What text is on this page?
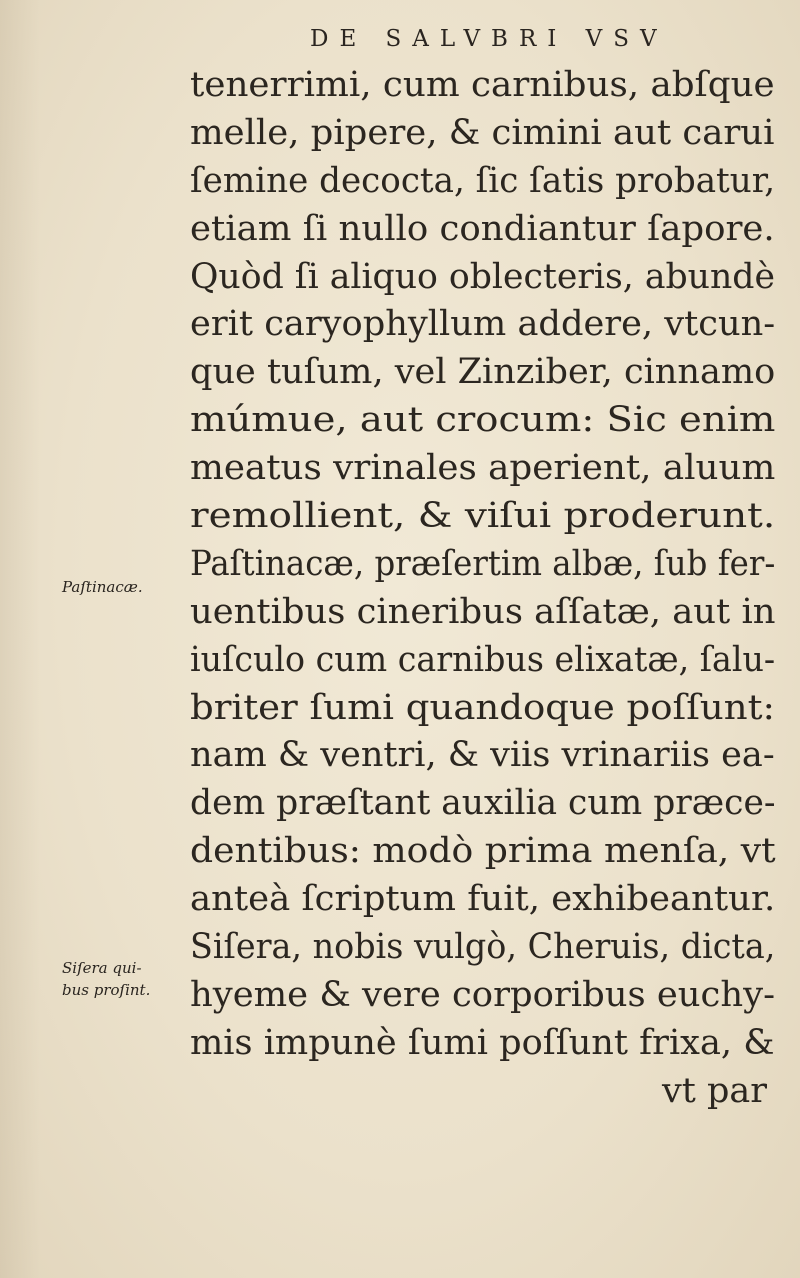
DE SALVBRI VSV
tenerrimi, cum carnibus, abſque
melle, pipere, & cimini aut carui
ſemine decocta, ſic ſatis probatur,
etiam ſi nullo condiantur ſapore.
Quòd ſi aliquo oblecteris, abundè
erit caryophyllum addere, vtcun-
que tuſum, vel Zinziber, cinnamo
múmue, aut crocum: Sic enim
meatus vrinales aperient, aluum
remollient, & viſui proderunt.
Paſtinacæ, præſertim albæ, ſub fer-
uentibus cineribus aſſatæ, aut in
iuſculo cum carnibus elixatæ, ſalu-
briter ſumi quandoque poſſunt:
nam & ventri, & viis vrinariis ea-
dem præſtant auxilia cum præce-
dentibus: modò prima menſa, vt
anteà ſcriptum fuit, exhibeantur.
Siſera, nobis vulgò, Cheruis, dicta,
hyeme & vere corporibus euchy-
mis impunè ſumi poſſunt frixa, &
vt par
Paſtinacæ.
Siſera qui-
bus proſint.
